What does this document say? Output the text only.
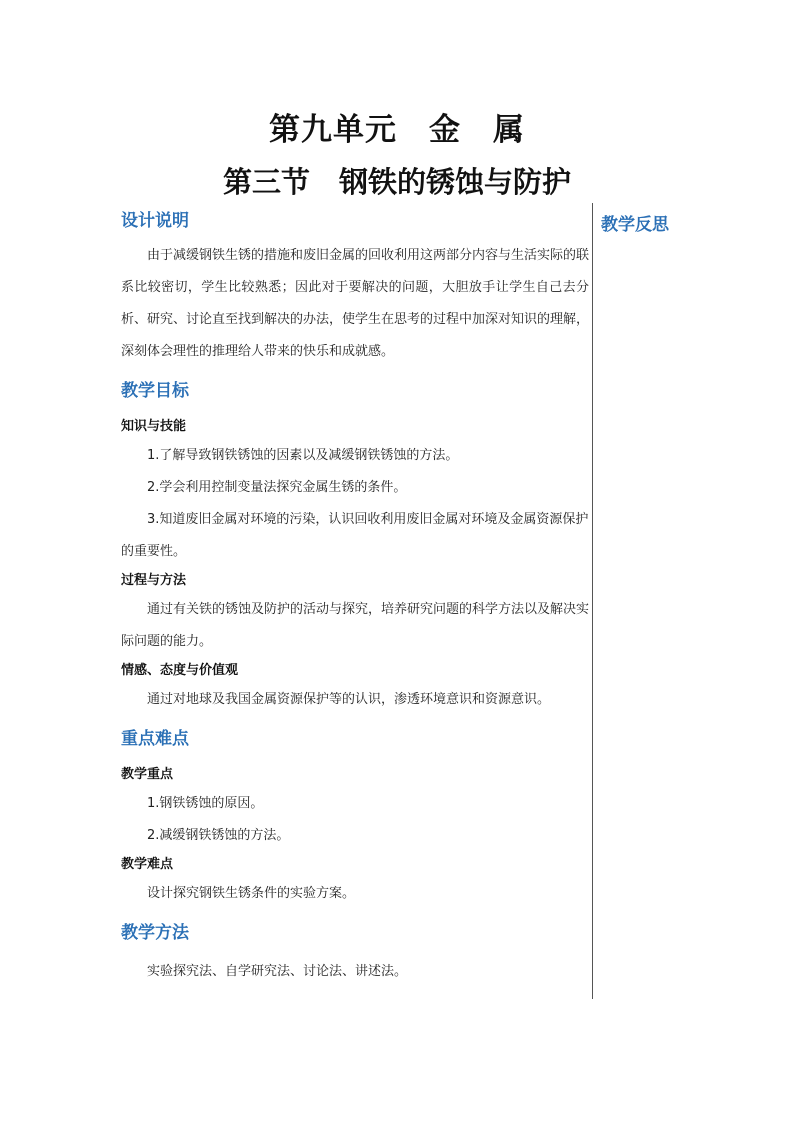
第九单元　金　属
第三节　钢铁的锈蚀与防护
教学反思
设计说明

由于减缓钢铁生锈的措施和废旧金属的回收利用这两部分内容与生活实际的联系比较密切，学生比较熟悉；因此对于要解决的问题，大胆放手让学生自己去分析、研究、讨论直至找到解决的办法，使学生在思考的过程中加深对知识的理解，深刻体会理性的推理给人带来的快乐和成就感。

教学目标
知识与技能

1.了解导致钢铁锈蚀的因素以及减缓钢铁锈蚀的方法。

2.学会利用控制变量法探究金属生锈的条件。

3.知道废旧金属对环境的污染，认识回收利用废旧金属对环境及金属资源保护的重要性。

过程与方法

通过有关铁的锈蚀及防护的活动与探究，培养研究问题的科学方法以及解决实际问题的能力。

情感、态度与价值观

通过对地球及我国金属资源保护等的认识，渗透环境意识和资源意识。

重点难点
教学重点

1.钢铁锈蚀的原因。

2.减缓钢铁锈蚀的方法。

教学难点

设计探究钢铁生锈条件的实验方案。

教学方法

实验探究法、自学研究法、讨论法、讲述法。
